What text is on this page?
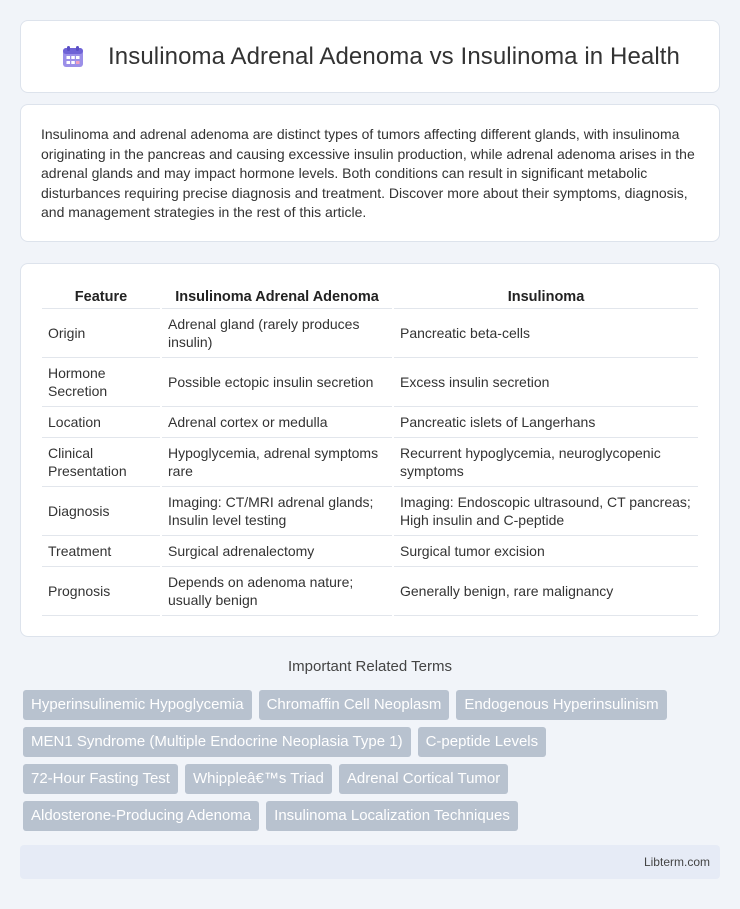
Insulinoma Adrenal Adenoma vs Insulinoma in Health

Insulinoma and adrenal adenoma are distinct types of tumors affecting different glands, with insulinoma originating in the pancreas and causing excessive insulin production, while adrenal adenoma arises in the adrenal glands and may impact hormone levels. Both conditions can result in significant metabolic disturbances requiring precise diagnosis and treatment. Discover more about their symptoms, diagnosis, and management strategies in the rest of this article.

Feature	Insulinoma Adrenal Adenoma	Insulinoma
Origin	Adrenal gland (rarely produces insulin)	Pancreatic beta-cells
Hormone Secretion	Possible ectopic insulin secretion	Excess insulin secretion
Location	Adrenal cortex or medulla	Pancreatic islets of Langerhans
Clinical Presentation	Hypoglycemia, adrenal symptoms rare	Recurrent hypoglycemia, neuroglycopenic symptoms
Diagnosis	Imaging: CT/MRI adrenal glands; Insulin level testing	Imaging: Endoscopic ultrasound, CT pancreas; High insulin and C-peptide
Treatment	Surgical adrenalectomy	Surgical tumor excision
Prognosis	Depends on adenoma nature; usually benign	Generally benign, rare malignancy
Important Related Terms
Hyperinsulinemic Hypoglycemia	Chromaffin Cell Neoplasm	Endogenous Hyperinsulinism
MEN1 Syndrome (Multiple Endocrine Neoplasia Type 1)	C-peptide Levels
72-Hour Fasting Test	Whippleâ€™s Triad	Adrenal Cortical Tumor
Aldosterone-Producing Adenoma	Insulinoma Localization Techniques
Libterm.com
